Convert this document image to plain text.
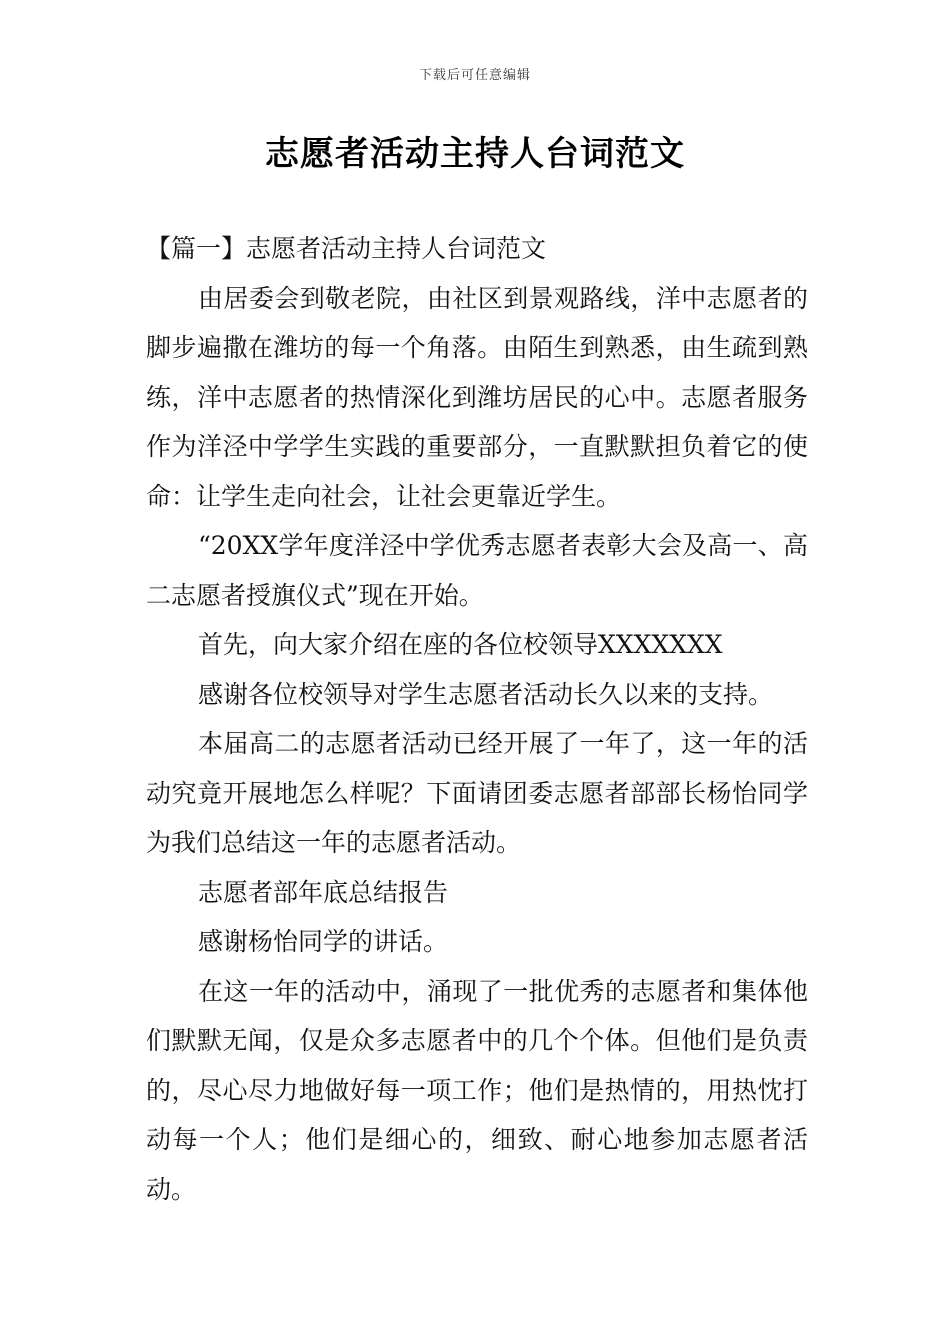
下载后可任意编辑
志愿者活动主持人台词范文

【篇一】志愿者活动主持人台词范文

由居委会到敬老院，由社区到景观路线，洋中志愿者的脚步遍撒在潍坊的每一个角落。由陌生到熟悉，由生疏到熟练，洋中志愿者的热情深化到潍坊居民的心中。志愿者服务作为洋泾中学学生实践的重要部分，一直默默担负着它的使命：让学生走向社会，让社会更靠近学生。

“20XX学年度洋泾中学优秀志愿者表彰大会及高一、高二志愿者授旗仪式”现在开始。

首先，向大家介绍在座的各位校领导XXXXXXX

感谢各位校领导对学生志愿者活动长久以来的支持。

本届高二的志愿者活动已经开展了一年了，这一年的活动究竟开展地怎么样呢？下面请团委志愿者部部长杨怡同学为我们总结这一年的志愿者活动。

志愿者部年底总结报告

感谢杨怡同学的讲话。

在这一年的活动中，涌现了一批优秀的志愿者和集体他们默默无闻，仅是众多志愿者中的几个个体。但他们是负责的，尽心尽力地做好每一项工作；他们是热情的，用热忱打动每一个人；他们是细心的，细致、耐心地参加志愿者活动。
